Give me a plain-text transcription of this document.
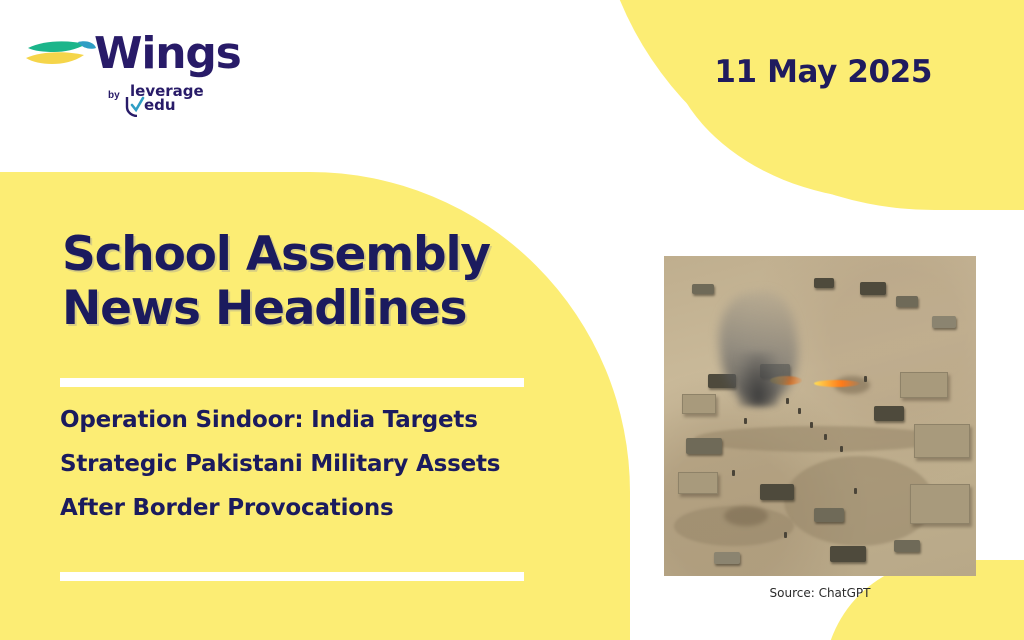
Wings
by leverage
edu
11 May 2025
School Assembly
News Headlines
Operation Sindoor: India Targets Strategic Pakistani Military Assets After Border Provocations
Source: ChatGPT
